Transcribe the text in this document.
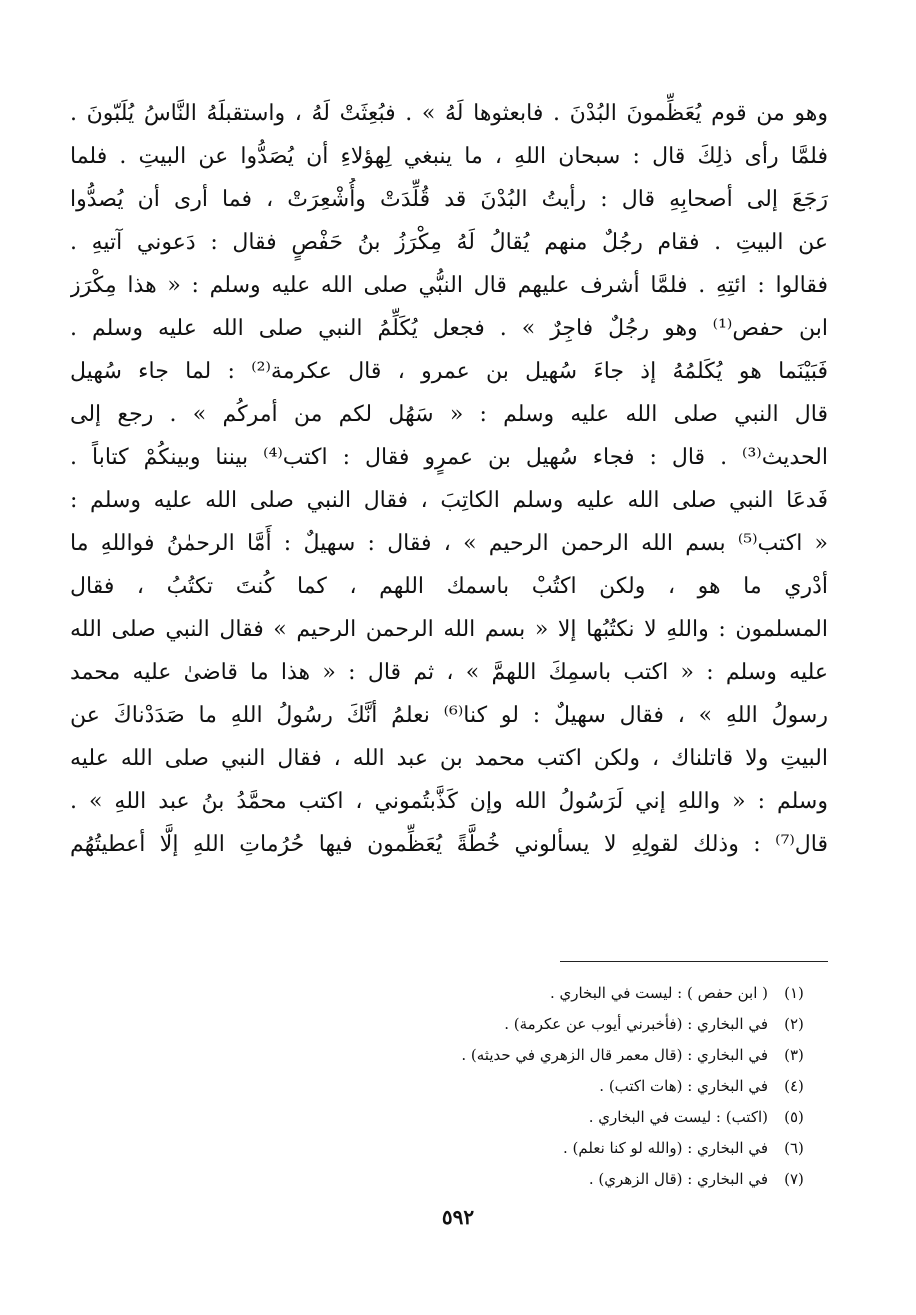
وهو من قوم يُعَظِّمونَ البُدْنَ . فابعثوها لَهُ » . فبُعِثَتْ لَهُ ، واستقبلَهُ النَّاسُ يُلَبّونَ .
فلمَّا رأى ذلِكَ قال : سبحان اللهِ ، ما ينبغي لِهؤلاءِ أن يُصَدُّوا عن البيتِ . فلما
رَجَعَ إلى أصحابِهِ قال : رأيتُ البُدْنَ قد قُلِّدَتْ وأُشْعِرَتْ ، فما أرى أن يُصدُّوا
عن البيتِ . فقام رجُلٌ منهم يُقالُ لَهُ مِكْرَزُ بنُ حَفْصٍ فقال : دَعوني آتيهِ .
فقالوا : ائتِهِ . فلمَّا أشرف عليهم قال النبُّي صلى الله عليه وسلم : « هذا مِكْرَز
ابن حفص⁽¹⁾ وهو رجُلٌ فاجِرٌ » . فجعل يُكَلِّمُ النبي صلى الله عليه وسلم .
فَبَيْنَما هو يُكَلمُهُ إذ جاءَ سُهيل بن عمرو ، قال عكرمة⁽²⁾ : لما جاء سُهيل
قال النبي صلى الله عليه وسلم : « سَهُل لكم من أمركُم » . رجع إلى
الحديث⁽³⁾ . قال : فجاء سُهيل بن عمرٍو فقال : اكتب⁽⁴⁾ بيننا وبينكُمْ كتاباً .
فَدعَا النبي صلى الله عليه وسلم الكاتِبَ ، فقال النبي صلى الله عليه وسلم :
« اكتب⁽⁵⁾ بسم الله الرحمن الرحيم » ، فقال : سهيلٌ : أَمَّا الرحمٰنُ فواللهِ ما
أدْري ما هو ، ولكن اكتُبْ باسمك اللهم ، كما كُنتَ تكتُبُ ، فقال
المسلمون : واللهِ لا نكتُبُها إلا « بسم الله الرحمن الرحيم » فقال النبي صلى الله
عليه وسلم : « اكتب باسمِكَ اللهمَّ » ، ثم قال : « هذا ما قاضىٰ عليه محمد
رسولُ اللهِ » ، فقال سهيلٌ : لو كنا⁽⁶⁾ نعلمُ أنَّكَ رسُولُ اللهِ ما صَدَدْناكَ عن
البيتِ ولا قاتلناك ، ولكن اكتب محمد بن عبد الله ، فقال النبي صلى الله عليه
وسلم : « واللهِ إني لَرَسُولُ الله وإن كَذَّبتُموني ، اكتب محمَّدُ بنُ عبد اللهِ » .
قال⁽⁷⁾ : وذلك لقولِهِ لا يسألوني خُطَّةً يُعَظِّمون فيها حُرُماتِ اللهِ إلَّا أعطيتُهُم
(١)
( ابن حفص ) : ليست في البخاري .
(٢)
في البخاري : (فأخبرني أيوب عن عكرمة) .
(٣)
في البخاري : (قال معمر قال الزهري في حديثه) .
(٤)
في البخاري : (هات اكتب) .
(٥)
(اكتب) : ليست في البخاري .
(٦)
في البخاري : (والله لو كنا نعلم) .
(٧)
في البخاري : (قال الزهري) .
٥٩٢
